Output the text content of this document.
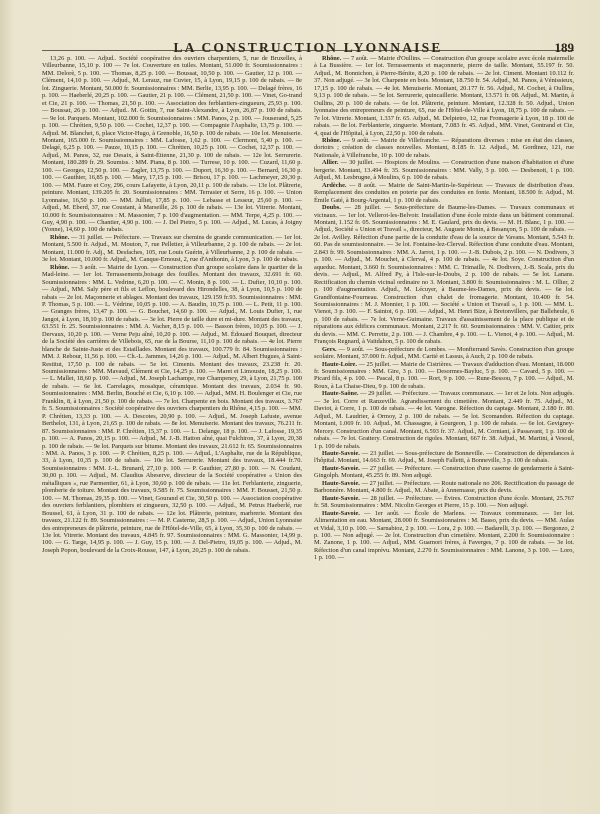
LA CONSTRUCTION LYONNAISE	189

13,26 p. 100. — Adjud.. Société coopérative des ouvriers charpentiers, 5, rue de Bruxelles, à Villeurbanne, 15,10 p. 100 — 7e lot. Couverture en tuiles. Montant, 51.000 fr. Soumissionnaires : MM. Delorè, 5 p. 100. — Thomas, 8,25 p. 100. — Boussat, 10,50 p. 100. — Gautier, 12 p. 100. — Clément, 14,10 p. 100. — Adjud., M. Lerauz, rue Cuvier, 15, à Lyon, 19,15 p. 100 de rabais. — 8e lot. Zinguerie. Montant, 50.000 fr. Soumissionnaires : MM. Berlie, 13,95 p. 100. — Delagé frères, 16 p. 100. — Haeberlé, 20,25 p. 100. — Gautier, 21 p. 100. — Clément, 21,50 p. 100. — Vinet, Go-trand et Cie, 21 p. 100. — Thomas, 21,50 p. 100. — Association des ferblantiers-zingueurs, 25,93 p. 100. — Boussat, 26 p. 100. — Adjud.. M. Gottin, 7, rue Saint-Alexandre, à Lyon, 26,87 p. 100 de rabais. — 9e lot. Parquets. Montant, 102.000 fr. Soumissionnaires : MM. Panos, 2 p. 100. — Jouserand, 5,25 p. 100. — Chrétien, 9,50 p. 100. — Cochet, 12,37 p. 100. — Compagnie l'Asphalte, 13,75 p. 100. — Adjud. M. Blanchet, 6, place Victor-Hugo, à Grenoble, 16,50 p. 100 de rabais. — 10e lot. Menuiserie. Montant, 165.000 fr. Soumissionnaires : MM. Lafosse, 1,62 p. 100. — Clermont, 5,40 p. 100. — Delagé, 6,25 p. 100. — Pauze, 10,15 p. 100. — Chrétien, 10,25 p. 100. — Cochet, 12,37 p. 100. — Adjud., M. Panos, 32, rue Desaix, à Saint-Étienne, 21,30 p. 100 de rabais. — 12e lot. Serrurerie. Montant, 180.289 fr. 29. Soumiss. : MM. Piana, 8 p. 100. — Turrese, 10 p. 100. — Cuzard, 11,60 p. 100. — Georges, 12,50 p. 100. — Zagler, 13,75 p. 100. — Duport, 16,30 p. 100. — Bernard, 16,30 p. 100. — Gauthier, 16,85 p. 100. — Mary, 17,15 p. 100. — Brisou, 17 p. 100. — Lachmeyer, 20,30 p. 100. — MM. Faure et Coy, 296, cours Lafayette, à Lyon, 20,11 p. 100 de rabais. — 13e lot. Plâtrerie, peinture. Montant, 139.205 fr. 20. Soumissionnaires : MM. Terrasier et Serre, 16 p. 100. — Union Lyonnaise, 16,50 p. 100. — MM. Julliet, 17,85 p. 100. — Lebasse et Lesseur, 25,60 p. 100. — Adjud., M. Eberd, 37, rue Coustant, à Marseille, 26 p. 100 de rabais. — 13e lot. Vitrerie. Montant, 10.000 fr. Soumissionnaires : M. Massonier, 7 p. 100 d'augmentation. — MM. Terpe, 4,25 p. 100. — Guy, 4,90 p. 100. — Chantier, 4,90 p. 100. — J. Del Pietro, 5 p. 100. — Adjud., M. Lucas, à Joigny (Yonne), 14,60 p. 100 de rabais.

Rhône. — 31 juillet. — Préfecture. — Travaux sur chemins de grande communication. — 1er lot. Montant, 5.500 fr. Adjud., M. Mouton, 7, rue Pelletier, à Villeurbanne, 2 p. 100 de rabais. — 2e lot. Montant, 11.000 fr. Adj., M. Desfaches, 105, rue Louis Guérin, à Villeurbanne, 2 p. 100 de rabais. — 3e lot. Montant, 10.000 fr. Adjud., M. Canque-Ernoust, 2, rue d'Anthonin, à Lyon, 3 p. 100 de rabais.

Rhône. — 3 août. — Mairie de Lyon. — Construction d'un groupe scolaire dans le quartier de la Mad-leine. — 1er lot. Terrassements,boisage des fouilles. Montant des travaux, 32.691 fr. 60. Soumissionnaires : MM. L. Vedrine, 6,20 p. 100. — C. Monin, 8 p. 100. — L. Dufier, 10,10 p. 100. — Adjud., MM. Saly père et fils et Leflon, boulevard des Hirondelles, 38, à Lyon, 10,5 p. 100 de rabais — 2e lot. Maçonnerie et ablages. Montant des travaux, 129.159 fr.93. Soumissionnaires : MM. P. Thomas, 5 p. 100. — L. Védrine, 10,05 p. 100. — A. Baudin, 10,75 p. 100. — L. Petit, 11 p. 100. — Granges frères, 13,47 p. 100. — G. Bouchet, 14,60 p. 100. — Adjud., M. Louis Dufier, 1, rue Jangot, à Lyon, 18,10 p. 100 de rabais. — 3e lot. Pierre de taille dure et mi-dure. Montant des travaux, 63.551 fr. 25. Soumissionnaires : MM. A. Vacher, 8,15 p. 100. — Basson frères, 10,05 p. 100. — J. Dervaux, 10,20 p. 100. — Verne Peju aîné, 10,20 p. 100. — Adjud., M. Édouard Bouquet, directeur de la Société des carrières de Villebois, 65, rue de la Bourse, 11,10 p. 100 de rabais. — 4e lot. Pierre blanche de Sainte-Juste et des Estaillades. Montant des travaux, 100.779 fr. 84. Soumissionnaires : MM. J. Rebour, 11,56 p. 100. — Ch.-L. Jammes, 14,26 p. 100. — Adjud., M. Albert Hugues, à Saint-Restitut, 17,50 p. 100 de rabais. — 5e lot. Ciments. Montant des travaux, 23.238 fr. 20. Soumissionnaires : MM. Mavaud, Clément et Cie, 14,25 p. 100. — Maret et Limousin, 18,25 p. 100. — L. Mallet, 18,60 p. 100. — Adjud., M. Joseph Lachampe, rue Champeney, 29, à Lyon, 21,75 p. 100 de rabais. — 6e lot. Carrelages, mosaïque, céramique. Montant des travaux, 2.034 fr. 90. Soumissionnaires : MM. Berlin, Bouché et Cie, 6,10 p. 100. — Adjud., MM. H. Boulenger et Cie, rue Franklin, 8, à Lyon, 21,50 p. 100 de rabais. — 7e lot. Charpente en bois. Montant des travaux, 3.767 fr. 5. Soumissionnaires : Société coopérative des ouvriers charpentiers du Rhône, 4,15 p. 100. — MM. P. Chrétien, 13,33 p. 100. — A. Descotes, 20,90 p. 100. — Adjud., M. Joseph Lafuste, avenue Berthelot, 131, à Lyon, 21,65 p. 100 de rabais. — 8e lot. Menuiserie. Montant des travaux, 76.211 fr. 87. Soumissionnaires : MM. P. Chrétien, 15,37 p. 100. — L. Delange, 18 p. 100. — J. Lafosse, 19,35 p. 100. — A. Panos, 20,15 p. 100. — Adjud., M. J.-B. Hatton aîné, quai Fulchiron, 37, à Lyon, 20,38 p. 100 de rabais. — 9e lot. Parquets sur bitume. Montant des travaux, 21.612 fr. 65. Soumissionnaires : MM. A. Panos, 3 p. 100. — P. Chrétien, 8,25 p. 100. — Adjud., L'Asphalte, rue de la République, 33, à Lyon, 10,35 p. 100 de rabais. — 10e lot. Serrurerie. Montant des travaux, 18.444 fr.70. Soumissionnaires : MM. J.-L. Brunard, 27,10 p. 100. — P. Gauthier, 27,80 p. 100. — N. Coudant, 30,00 p. 100. — Adjud., M. Claudius Abeserve, directeur de la Société coopérative « Union des métalliques », rue Parmentier, 61, à Lyon, 30,60 p. 100 de rabais. — 11e lot. Ferblanterie, zinguerie, plomberie de toiture. Montant des travaux, 9.585 fr. 75. Soumissionnaires : MM. F. Bousset, 21,50 p. 100. — M. Thomas, 29,35 p. 100. — Vinet, Gourand et Cie, 30,50 p. 100. — Association coopérative des ouvriers ferblantiers, plombiers et zingueurs, 32,50 p. 100. — Adjud., M. Petrus Haeberlé, rue Boussel, 61, à Lyon, 31 p. 100 de rabais. — 12e lot. Plâtrerie, peinture, marbrerie. Montant des travaux, 21.122 fr. 89. Soumissionnaires : — M. P. Casterne, 28,5 p. 100. — Adjud., Union Lyonnaise des entrepreneurs de plâtrerie, peinture, rue de l'Hôtel-de-Ville, 65, à Lyon, 35,30 p. 100 de rabais. — 13e lot. Vitrerie. Montant des travaux, 4.845 fr. 97. Soumissionnaires : MM. G. Massonier, 14,99 p. 100. — G. Targe, 14,95 p. 100. — J. Guy, 15 p. 100. — J. Del-Pietro, 19,05 p. 100. — Adjud., M. Joseph Popon, boulevard de la Croix-Rousse, 147, à Lyon, 20,25 p. 100 de rabais.

Rhône. — 7 août. — Mairie d'Oullins. — Construction d'un groupe scolaire avec école maternelle à La Bussière. — 1er lot. Terrassements et maçonnerie, pierre de taille. Montant, 55.197 fr. 50. Adjud., M. Bonnichon, à Pierre-Bénite, 8,20 p. 100 de rabais. — 2e lot. Ciment. Montant 10.112 fr. 37. Non adjugé. — 3e lot. Charpente en bois. Montant, 18.750 fr. 54. Adjud., M. Panos, à Vénissieux, 17,15 p. 100 de rabais. — 4e lot. Menuiserie. Montant, 20.177 fr. 56. Adjud., M. Cochet, à Oullins, 9,13 p. 100 de rabais. — 5e lot. Serrurerie, quincaillerie. Montant, 13.571 fr. 08. Adjud., M. Martin, à Oullins, 20 p. 100 de rabais. — 6e lot. Plâtrerie, peinture. Montant, 12.328 fr. 50. Adjud., Union lyonnaise des entrepreneurs de peinture, 65, rue de l'Hôtel-de-Ville à Lyon, 18,75 p. 100 de rabais. — 7e lot. Vitrerie. Montant, 1.337 fr. 65. Adjud., M. Delpietro, 12, rue Fromagerie à Lyon, 18 p. 100 de rabais. — 8e lot. Ferblanterie, zinguerie. Montant, 7.083 fr. 45. Adjud., MM. Vinet, Gontrand et Cie, 4, quai de l'Hôpital, à Lyon, 22,50 p. 100 de rabais.

Rhône. — 9 août. — Mairie de Villefranche. — Réparations diverses : mise en état des classes, dortoirs ; création de classes nouvelles. Montant, 8.185 fr. 12. Adjud., M. Gordinez, 121, rue Nationale, à Villefranche, 10 p. 100 de rabais.

Allier. — 30 juillet. — Hospices de Moulins. — Construction d'une maison d'habitation et d'une bergerie. Montant, 13.494 fr. 35. Soumissionnaires : MM. Vally, 3 p. 100. — Desbenoit, 1 p. 100. Adjud., M. Lesbrugne, à Moulins, 6 p. 100 de rabais.

Ardèche. — 8 août. — Mairie de Saint-Martin-le-Supérieur. — Travaux de distribution d'eau. Remplacement des conduites en poterie par des conduites en fonte. Montant, 18.500 fr. Adjud., M. Émile Gaté, à Bourg-Argental, 1 p. 100 de rabais.

Doubs. — 28 juillet. — Sous-préfecture de Baume-les-Dames. — Travaux communaux et vicinaux. — 1er lot. Vellerot-les-Belvoir. Installation d'une école mixte dans un bâtiment communal. Montant, 1.152 fr. 05. Soumissionnaires : M. E. Gaulard, prix du devis. — M. H. Blanc, 1 p. 100. — Adjud., Société « Union et Travail », directeur, M. Auguste Monin, à Besançon, 5 p. 100 de rabais. — 2e lot. Avilley. Réfection d'une partie de la conduite d'eau de la source de Vavans. Montant, 5.543 fr. 60. Pas de soumissionnaire. — 3e lot. Fontaine-lez-Clerval. Réfection d'une conduite d'eau. Montant, 2.843 fr. 99. Soumissionnaires : MM. A. Jarrot, 1 p. 100. — J.-B. Dubois, 2 p. 100. — N. Dodivers, 3 p. 100. — Adjud., M. Mouchet, à Clerval, 4 p. 100 de rabais. — 4e lot. Soye. Construction d'un aqueduc. Montant, 3.660 fr. Soumissionnaires : MM. C. Trimaille, N. Dodivers, J.-B. Scala, prix du devis. — Adjud., M. Alfred Py, à l'Isle-sur-le-Doubs, 2 p. 100 de rabais. — 5e lot. Lanans. Rectification du chemin vicinal ordinaire no 3. Montant, 3.800 fr. Soumissionnaires : M. L. Ollier, 2 p. 100 d'augmentation. Adjud., M. Lécuyer, à Baume-les-Dames, prix du devis. — 6e lot. Grandfontaine-Fourneau. Construction d'un chalet de fromagerie. Montant, 10.400 fr. 54. Soumissionnaires : M. J. Monnier, 1 p. 100. — Société « Union et Travail », 1 p. 100. — MM. L. Vienot, 3 p. 100. — F. Saintot, 6 p. 100. — Adjud., M. Henri Bize, à Bretonvillers, par Balleheule, 6 p. 100 de rabais. — 7e lot. Verne-Guimaine. Travaux d'assainissement de la place publique et de réparations aux édifices communaux. Montant, 2.217 fr. 60. Soumissionnaires : MM. V. Cattier, prix du devis. — MM. C. Perrette, 2 p. 100. — J. Chambre, 4 p. 100. — L. Vienot, 4 p. 100. — Adjud., M. François Regnard, à Vaitdahon, 5 p. 100 de rabais.

Gers. — 9 août. — Sous-préfecture de Lombes. — Monfterrand Savès. Construction d'un groupe scolaire. Montant, 37.000 fr. Adjud., MM. Cartié et Lassus, à Auch, 2 p. 100 de rabais.

Haute-Loire. — 25 juillet. — Mairie de Cistrières. — Travaux d'adduction d'eau. Montant, 18.000 fr. Soumissionnaires : MM. Gire, 3 p. 100. — Desormes-Bayluc, 5 p. 100. — Cavard, 5 p. 100. — Picard fils, 4 p. 100. — Pascal, 8 p. 100. — Rort, 9 p. 100. — Rune-Bessou, 7 p. 100. — Adjud., M. Roux, à La Chaise-Dieu, 9 p. 100 de rabais.

Haute-Saône. — 29 juillet. — Préfecture. — Travaux communaux. — 1er et 2e lots. Non adjugés. — 3e lot. Corre et Ranzeville. Agrandissement du cimetière. Montant, 2.449 fr. 75. Adjud., M. Daviot, à Corre, 1 p. 100 de rabais. — 4e lot. Varogne. Réfection du captage. Montant, 2.180 fr. 80. Adjud., M. Laudrier, à Ormoy, 2 p. 100 de rabais. — 5e lot. Scomandon. Réfection du captage. Montant, 1.069 fr. 10. Adjud., M. Chassagne, à Gourgeon, 1 p. 100 de rabais. — 6e lot. Gevigney-Mercey. Construction d'un canal. Montant, 6.593 fr. 37. Adjud., M. Corniani, à Passavant, 1 p. 100 de rabais. — 7e lot. Grattery. Construction de rigoles. Montant, 667 fr. 38. Adjud., M. Martini, à Vesoul, 1 p. 100 de rabais.

Haute-Savoie. — 23 juillet. — Sous-préfecture de Bonneville. — Construction de dépendances à l'hôpital. Montant, 14.663 fr. 69. Adjud., M. Joseph Falletti, à Bonneville, 3 p. 100 de rabais.

Haute-Savoie. — 27 juillet. — Préfecture. — Construction d'une caserne de gendarmerie à Saint-Gingolph. Montant, 45.255 fr. 89. Non adjugé.

Haute-Savoie. — 27 juillet. — Préfecture. — Route nationale no 206. Rectification du passage de Barbonnère. Montant, 4.800 fr. Adjud., M. Abate, à Annemasse, prix du devis.

Haute-Savoie. — 28 juillet. — Préfecture. — Évires. Construction d'une école. Montant, 25.767 fr. 58. Soumissionnaires : MM. Nicolin Georges et Pierre, 15 p. 100. — Non adjugé.

Haute-Savoie. — 1er août. — École de Marlens. — Travaux communaux. — 1er lot. Alimentation en eau. Montant, 28.000 fr. Soumissionnaires : M. Basso, prix du devis. — MM. Aulas et Vidal, 3,10 p. 100. — Sarnabioz, 2 p. 100. — Lora, 2 p. 100. — Badarelli, 3 p. 100. — Bergonzo, 2 p. 100. — Non adjugé. — 2e lot. Construction d'un cimetière. Montant, 2.200 fr. Soumissionnaire : M. Zanone, 1 p. 100. — Adjud., MM. Guarnori frères, à Faverges, 7 p. 100 de rabais. — 3e lot. Réfection d'un canal imprévu. Montant, 2.270 fr. Soumissionnaires : MM. Lanone, 3 p. 100. — Loro, 1 p. 100. —
